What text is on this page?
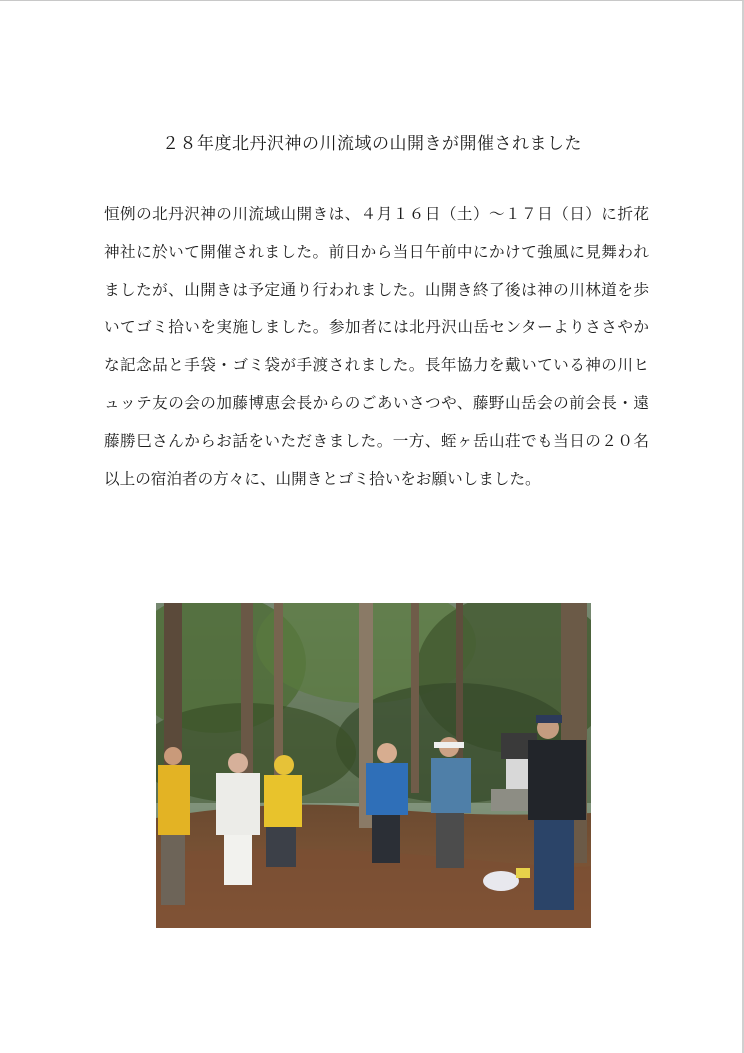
２８年度北丹沢神の川流域の山開きが開催されました
恒例の北丹沢神の川流域山開きは、４月１６日（土）～１７日（日）に折花神社に於いて開催されました。前日から当日午前中にかけて強風に見舞われましたが、山開きは予定通り行われました。山開き終了後は神の川林道を歩いてゴミ拾いを実施しました。参加者には北丹沢山岳センターよりささやかな記念品と手袋・ゴミ袋が手渡されました。長年協力を戴いている神の川ヒュッテ友の会の加藤博恵会長からのごあいさつや、藤野山岳会の前会長・遠藤勝巳さんからお話をいただきました。一方、蛭ヶ岳山荘でも当日の２０名以上の宿泊者の方々に、山開きとゴミ拾いをお願いしました。
